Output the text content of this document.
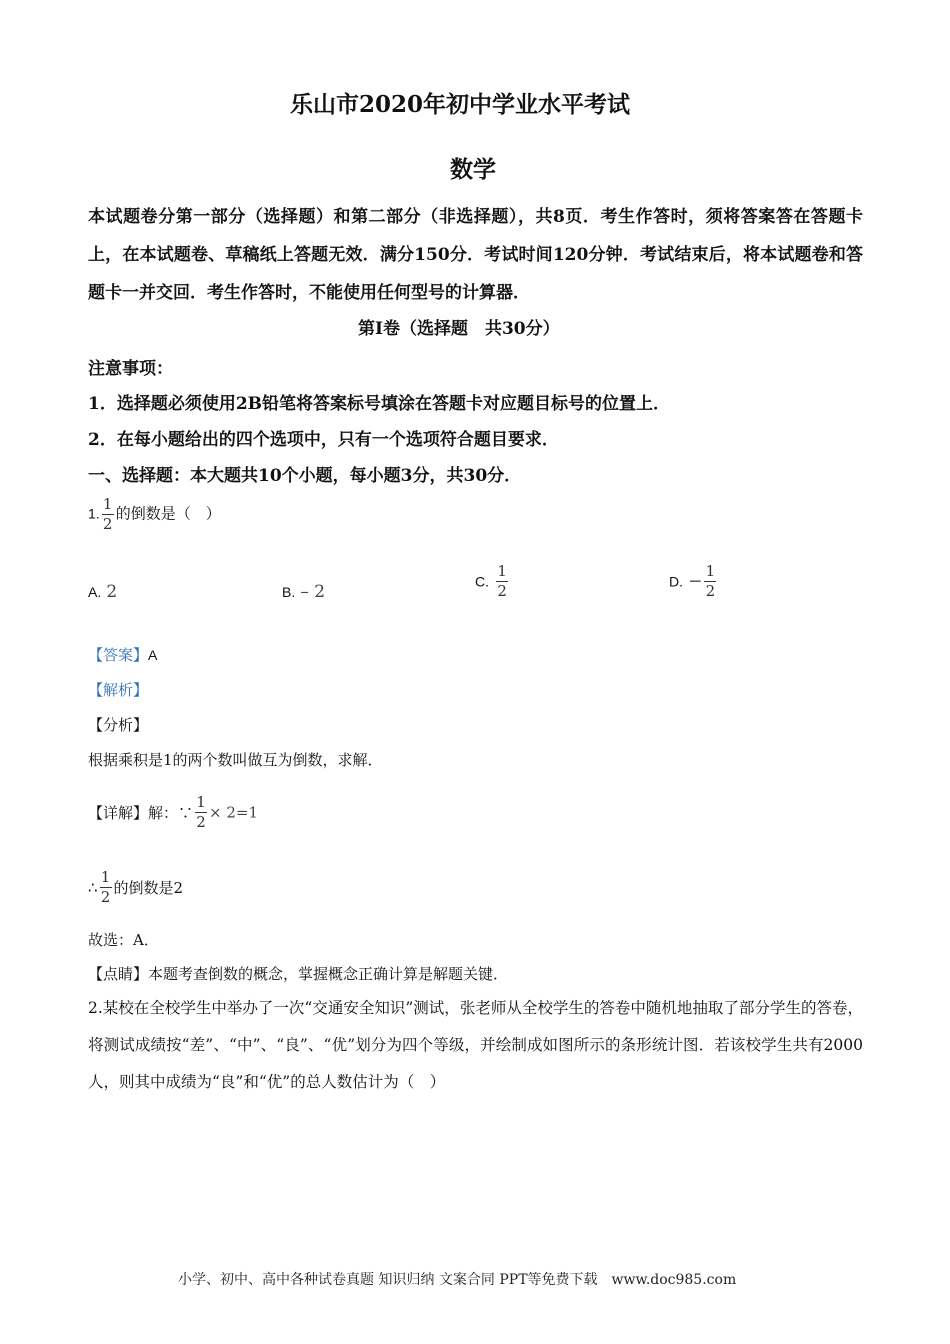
乐山市2020年初中学业水平考试
数学
本试题卷分第一部分（选择题）和第二部分（非选择题），共8页．考生作答时，须将答案答在答题卡上，在本试题卷、草稿纸上答题无效．满分150分．考试时间120分钟．考试结束后，将本试题卷和答题卡一并交回．考生作答时，不能使用任何型号的计算器．
第I卷（选择题　共30分）
注意事项：
1．选择题必须使用2B铅笔将答案标号填涂在答题卡对应题目标号的位置上．
2．在每小题给出的四个选项中，只有一个选项符合题目要求．
一、选择题：本大题共10个小题，每小题3分，共30分．
1. $\frac{1}{2}$ 的倒数是（　）
A. 2	B. – 2
C. $\frac{1}{2}$	D. − $\frac{1}{2}$
【答案】A
【解析】
【分析】
根据乘积是1的两个数叫做互为倒数，求解．
【详解】解：∵ $\frac{1}{2} \times 2=1$
∴ $\frac{1}{2}$ 的倒数是2
故选：A．
【点睛】本题考查倒数的概念，掌握概念正确计算是解题关键．
2.某校在全校学生中举办了一次“交通安全知识”测试，张老师从全校学生的答卷中随机地抽取了部分学生的答卷，将测试成绩按“差”、“中”、“良”、“优”划分为四个等级，并绘制成如图所示的条形统计图．若该校学生共有2000人，则其中成绩为“良”和“优”的总人数估计为（　）
小学、初中、高中各种试卷真题 知识归纳 文案合同 PPT等免费下载　www.doc985.com
